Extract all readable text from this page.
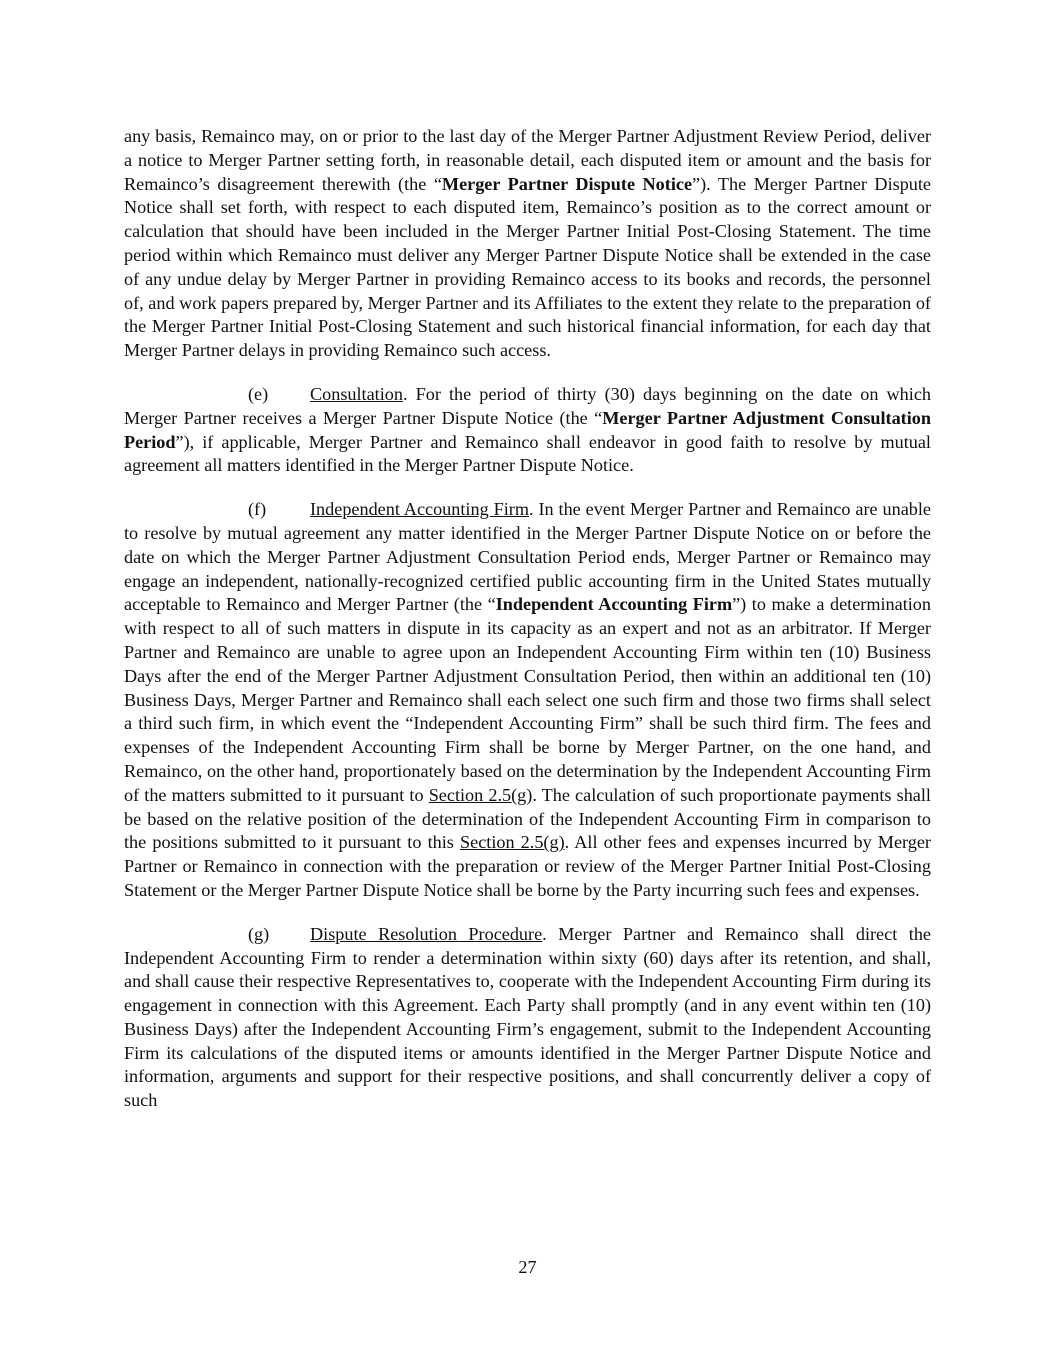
any basis, Remainco may, on or prior to the last day of the Merger Partner Adjustment Review Period, deliver a notice to Merger Partner setting forth, in reasonable detail, each disputed item or amount and the basis for Remainco’s disagreement therewith (the “Merger Partner Dispute Notice”). The Merger Partner Dispute Notice shall set forth, with respect to each disputed item, Remainco’s position as to the correct amount or calculation that should have been included in the Merger Partner Initial Post-Closing Statement. The time period within which Remainco must deliver any Merger Partner Dispute Notice shall be extended in the case of any undue delay by Merger Partner in providing Remainco access to its books and records, the personnel of, and work papers prepared by, Merger Partner and its Affiliates to the extent they relate to the preparation of the Merger Partner Initial Post-Closing Statement and such historical financial information, for each day that Merger Partner delays in providing Remainco such access.

(e) Consultation. For the period of thirty (30) days beginning on the date on which Merger Partner receives a Merger Partner Dispute Notice (the “Merger Partner Adjustment Consultation Period”), if applicable, Merger Partner and Remainco shall endeavor in good faith to resolve by mutual agreement all matters identified in the Merger Partner Dispute Notice.

(f) Independent Accounting Firm. In the event Merger Partner and Remainco are unable to resolve by mutual agreement any matter identified in the Merger Partner Dispute Notice on or before the date on which the Merger Partner Adjustment Consultation Period ends, Merger Partner or Remainco may engage an independent, nationally-recognized certified public accounting firm in the United States mutually acceptable to Remainco and Merger Partner (the “Independent Accounting Firm”) to make a determination with respect to all of such matters in dispute in its capacity as an expert and not as an arbitrator. If Merger Partner and Remainco are unable to agree upon an Independent Accounting Firm within ten (10) Business Days after the end of the Merger Partner Adjustment Consultation Period, then within an additional ten (10) Business Days, Merger Partner and Remainco shall each select one such firm and those two firms shall select a third such firm, in which event the “Independent Accounting Firm” shall be such third firm. The fees and expenses of the Independent Accounting Firm shall be borne by Merger Partner, on the one hand, and Remainco, on the other hand, proportionately based on the determination by the Independent Accounting Firm of the matters submitted to it pursuant to Section 2.5(g). The calculation of such proportionate payments shall be based on the relative position of the determination of the Independent Accounting Firm in comparison to the positions submitted to it pursuant to this Section 2.5(g). All other fees and expenses incurred by Merger Partner or Remainco in connection with the preparation or review of the Merger Partner Initial Post-Closing Statement or the Merger Partner Dispute Notice shall be borne by the Party incurring such fees and expenses.

(g) Dispute Resolution Procedure. Merger Partner and Remainco shall direct the Independent Accounting Firm to render a determination within sixty (60) days after its retention, and shall, and shall cause their respective Representatives to, cooperate with the Independent Accounting Firm during its engagement in connection with this Agreement. Each Party shall promptly (and in any event within ten (10) Business Days) after the Independent Accounting Firm’s engagement, submit to the Independent Accounting Firm its calculations of the disputed items or amounts identified in the Merger Partner Dispute Notice and information, arguments and support for their respective positions, and shall concurrently deliver a copy of such

27
